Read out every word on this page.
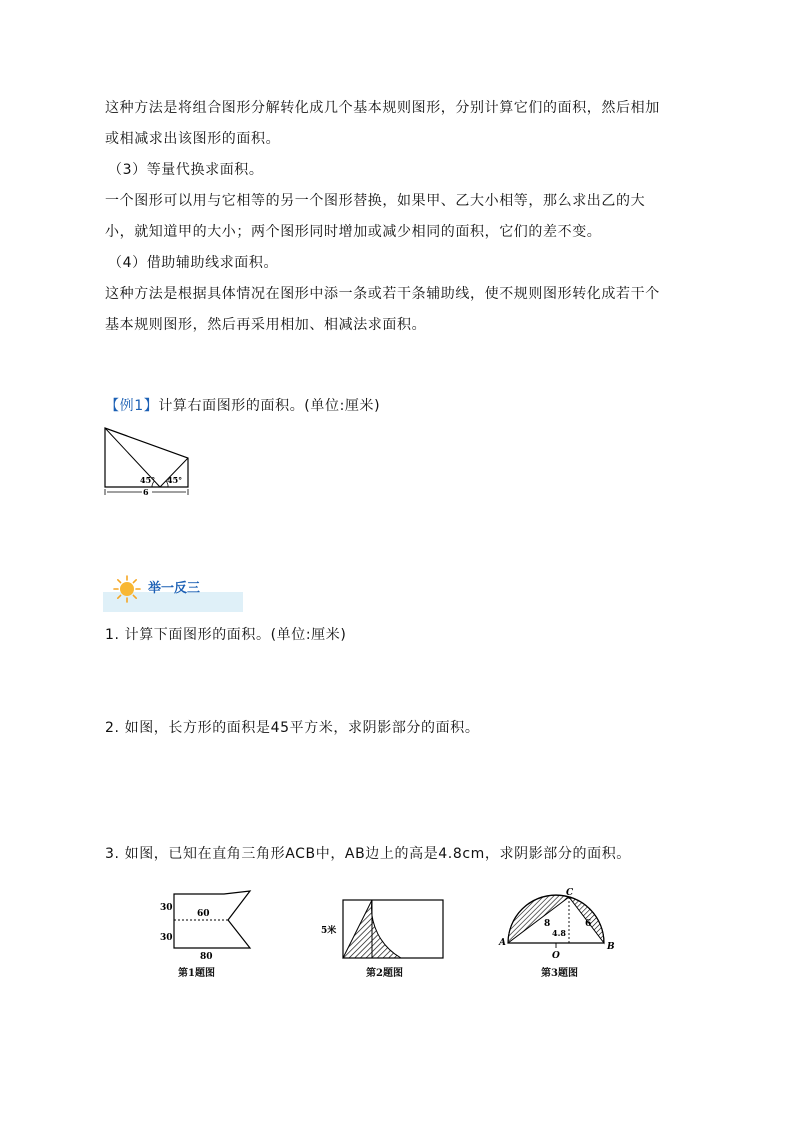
这种方法是将组合图形分解转化成几个基本规则图形，分别计算它们的面积，然后相加
或相减求出该图形的面积。
（3）等量代换求面积。
一个图形可以用与它相等的另一个图形替换，如果甲、乙大小相等，那么求出乙的大
小，就知道甲的大小；两个图形同时增加或减少相同的面积，它们的差不变。
（4）借助辅助线求面积。
这种方法是根据具体情况在图形中添一条或若干条辅助线，使不规则图形转化成若干个
基本规则图形，然后再采用相加、相减法求面积。
【例1】计算右面图形的面积。(单位:厘米)
45° 45°
6
举一反三
1. 计算下面图形的面积。(单位:厘米)
2. 如图，长方形的面积是45平方米，求阴影部分的面积。
3. 如图，已知在直角三角形ACB中，AB边上的高是4.8cm，求阴影部分的面积。
30
30
60
80
第1题图
5米
第2题图
A	B
C
O
8	6
4.8
第3题图
